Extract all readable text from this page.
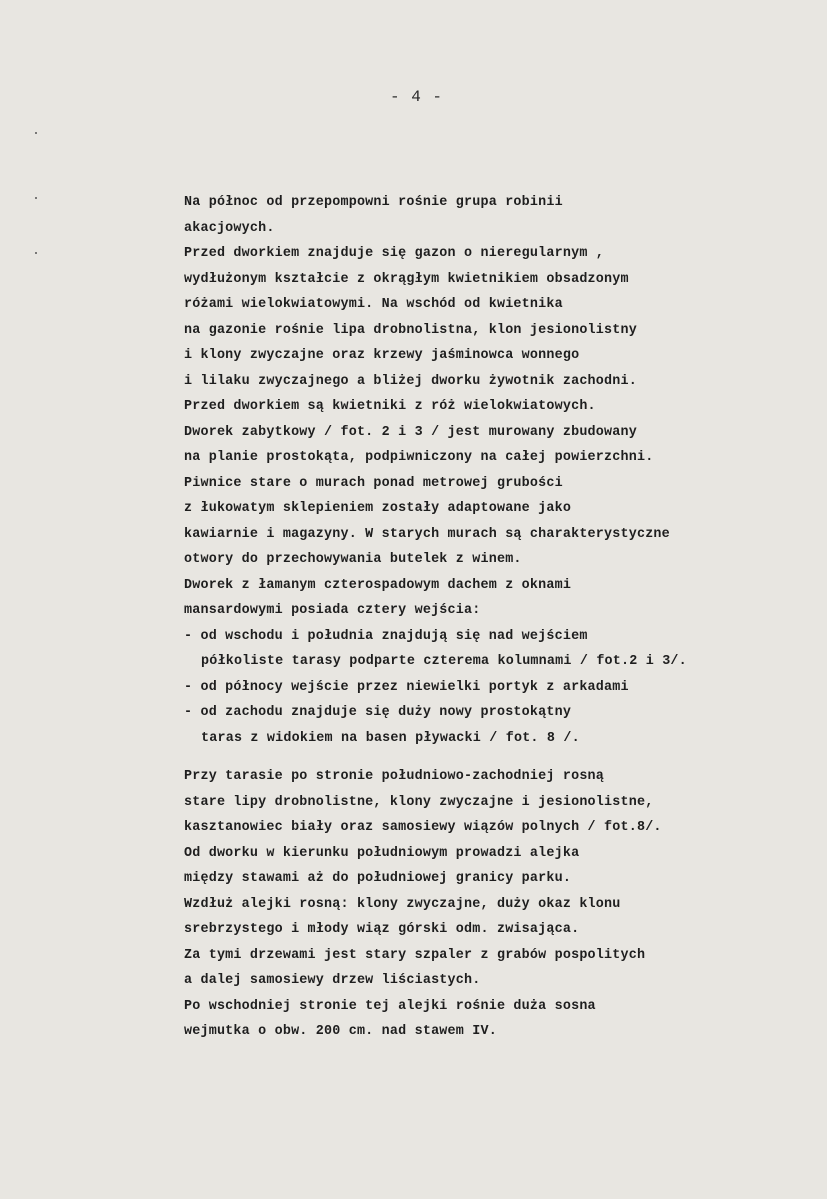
- 4 -
Na północ od przepompowni rośnie grupa robinii
akacjowych.
Przed dworkiem znajduje się gazon o nieregularnym ,
wydłużonym kształcie z okrągłym kwietnikiem obsadzonym
różami wielokwiatowymi. Na wschód od kwietnika
na gazonie rośnie lipa drobnolistna, klon jesionolistny
i klony zwyczajne oraz krzewy jaśminowca wonnego
i lilaku zwyczajnego a bliżej dworku żywotnik zachodni.
Przed dworkiem są kwietniki z róż wielokwiatowych.
Dworek zabytkowy / fot. 2 i 3 / jest murowany zbudowany
na planie prostokąta, podpiwniczony na całej powierzchni.
Piwnice stare o murach ponad metrowej grubości
z łukowatym sklepieniem zostały adaptowane jako
kawiarnie i magazyny. W starych murach są charakterystyczne
otwory do przechowywania butelek z winem.
Dworek z łamanym czterospadowym dachem z oknami
mansardowymi posiada cztery wejścia:
- od wschodu i południa znajdują się nad wejściem
półkoliste tarasy podparte czterema kolumnami / fot.2 i 3/.
- od północy wejście przez niewielki portyk z arkadami
- od zachodu znajduje się duży nowy prostokątny
taras z widokiem na basen pływacki / fot. 8 /.
Przy tarasie po stronie południowo-zachodniej rosną
stare lipy drobnolistne, klony zwyczajne i jesionolistne,
kasztanowiec biały oraz samosiewy wiązów polnych / fot.8/.
Od dworku w kierunku południowym prowadzi alejka
między stawami aż do południowej granicy parku.
Wzdłuż alejki rosną: klony zwyczajne, duży okaz klonu
srebrzystego i młody wiąz górski odm. zwisająca.
Za tymi drzewami jest stary szpaler z grabów pospolitych
a dalej samosiewy drzew liściastych.
Po wschodniej stronie tej alejki rośnie duża sosna
wejmutka o obw. 200 cm. nad stawem IV.
